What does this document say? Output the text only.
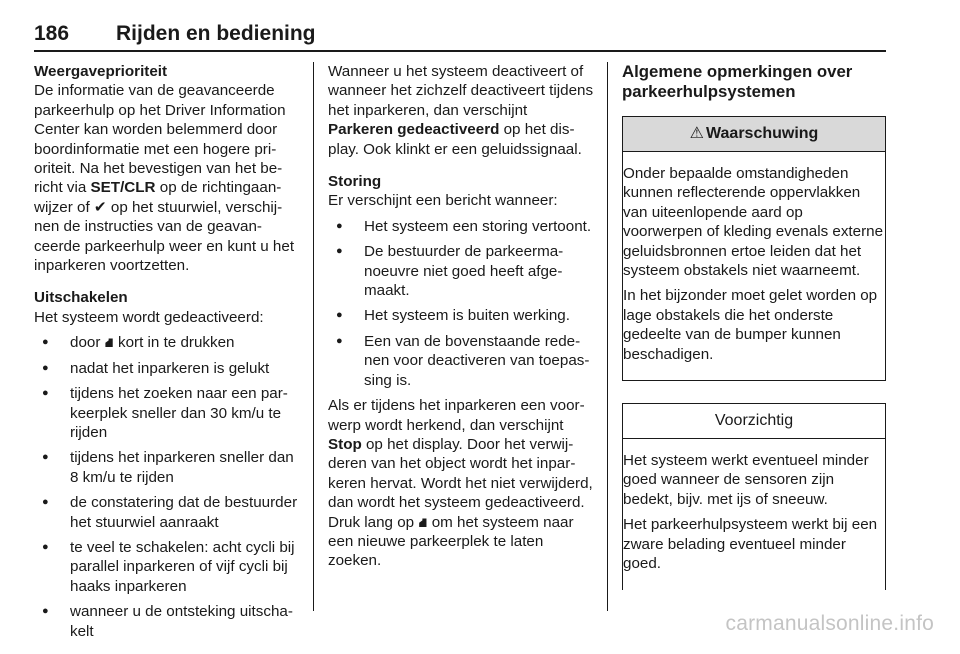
186 Rijden en bediening

Weergaveprioriteit
De informatie van de geavanceerde parkeerhulp op het Driver Information Center kan worden belemmerd door boordinformatie met een hogere prioriteit. Na het bevestigen van het bericht via SET/CLR op de richtingaanwijzer of ✔ op het stuurwiel, verschijnen de instructies van de geavanceerde parkeerhulp weer en kunt u het inparkeren voortzetten.

Uitschakelen
Het systeem wordt gedeactiveerd:

● door ⛘ kort in te drukken
● nadat het inparkeren is gelukt
● tijdens het zoeken naar een parkeerplek sneller dan 30 km/u te rijden
● tijdens het inparkeren sneller dan 8 km/u te rijden
● de constatering dat de bestuurder het stuurwiel aanraakt
● te veel te schakelen: acht cycli bij parallel inparkeren of vijf cycli bij haaks inparkeren
● wanneer u de ontsteking uitschakelt

Wanneer u het systeem deactiveert of wanneer het zichzelf deactiveert tijdens het inparkeren, dan verschijnt Parkeren gedeactiveerd op het display. Ook klinkt er een geluidssignaal.

Storing
Er verschijnt een bericht wanneer:

● Het systeem een storing vertoont.
● De bestuurder de parkeermanoeuvre niet goed heeft afgemaakt.
● Het systeem is buiten werking.
● Een van de bovenstaande redenen voor deactiveren van toepassing is.

Als er tijdens het inparkeren een voorwerp wordt herkend, dan verschijnt Stop op het display. Door het verwijderen van het object wordt het inparkeren hervat. Wordt het niet verwijderd, dan wordt het systeem gedeactiveerd. Druk lang op ⛘ om het systeem naar een nieuwe parkeerplek te laten zoeken.

Algemene opmerkingen over parkeerhulpsystemen
⚠ Waarschuwing

Onder bepaalde omstandigheden kunnen reflecterende oppervlakken van uiteenlopende aard op voorwerpen of kleding evenals externe geluidsbronnen ertoe leiden dat het systeem obstakels niet waarneemt.

In het bijzonder moet gelet worden op lage obstakels die het onderste gedeelte van de bumper kunnen beschadigen.

Voorzichtig

Het systeem werkt eventueel minder goed wanneer de sensoren zijn bedekt, bijv. met ijs of sneeuw.

Het parkeerhulpsysteem werkt bij een zware belading eventueel minder goed.

carmanualsonline.info
